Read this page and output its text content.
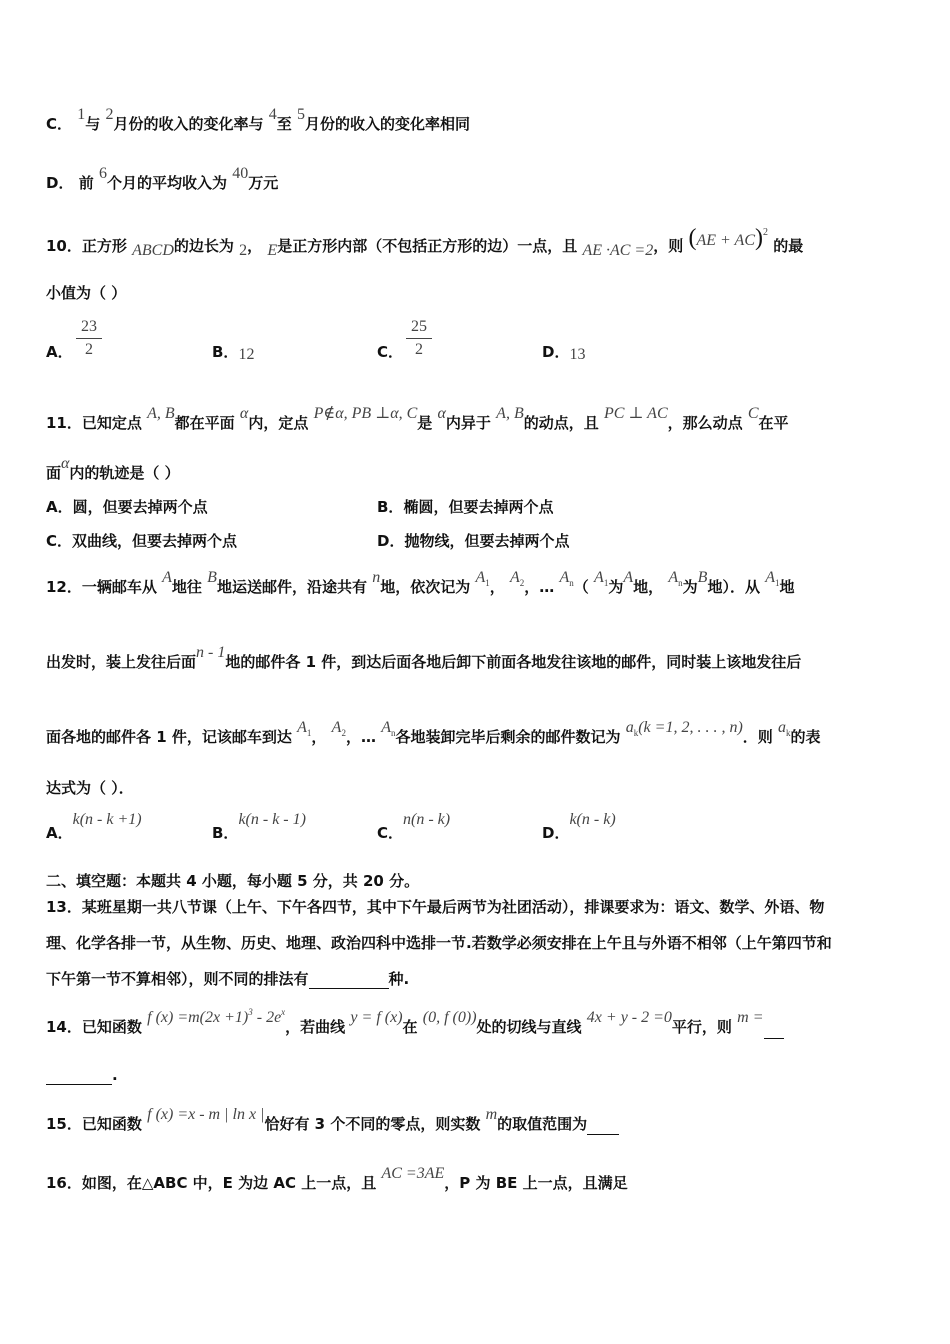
C． 1与 2月份的收入的变化率与 4至 5月份的收入的变化率相同
D． 前 6个月的平均收入为 40万元
10．正方形 ABCD的边长为 2， E是正方形内部（不包括正方形的边）一点，且 AE ·AC =2，则 (AE + AC)2 的最
小值为（ ）
A． $\frac{23}{2}$	B．12	C． $\frac{25}{2}$	D．13
11．已知定点 A, B都在平面 α内，定点 P∉α, PB ⊥α, C是 α内异于 A, B的动点，且 PC ⊥ AC，那么动点 C在平
面α内的轨迹是（ ）
A．圆，但要去掉两个点	B．椭圆，但要去掉两个点
C．双曲线，但要去掉两个点	D．抛物线，但要去掉两个点
12．一辆邮车从 A地往 B地运送邮件，沿途共有 n地，依次记为 $A_1$， $A_2$，… $A_n$（ $A_1$为A地， $A_n$为B地）．从 $A_1$地
出发时，装上发往后面n - 1地的邮件各 1 件，到达后面各地后卸下前面各地发往该地的邮件，同时装上该地发往后
面各地的邮件各 1 件，记该邮车到达 $A_1$， $A_2$，… $A_n$各地装卸完毕后剩余的邮件数记为 $a_k(k =1$, 2, . . . , n)．则 $a_k$的表
达式为（ ）．
A．k(n - k +1)
B．k(n - k - 1)
C．n(n - k)
D．k(n - k)
二、填空题：本题共 4 小题，每小题 5 分，共 20 分。
13．某班星期一共八节课（上午、下午各四节，其中下午最后两节为社团活动），排课要求为：语文、数学、外语、物
理、化学各排一节，从生物、历史、地理、政治四科中选排一节.若数学必须安排在上午且与外语不相邻（上午第四节和
下午第一节不算相邻），则不同的排法有	种.
14．已知函数 f $(x) =m(2x +1)^3 - 2e^x$，若曲线 y = f (x)在 (0, f (0))处的切线与直线 4x + y - 2 =0平行，则 m =
.
15．已知函数 f (x) =x - m | ln x |恰好有 3 个不同的零点，则实数 m的取值范围为
16．如图，在△ABC 中，E 为边 AC 上一点，且 AC =3AE，P 为 BE 上一点，且满足
